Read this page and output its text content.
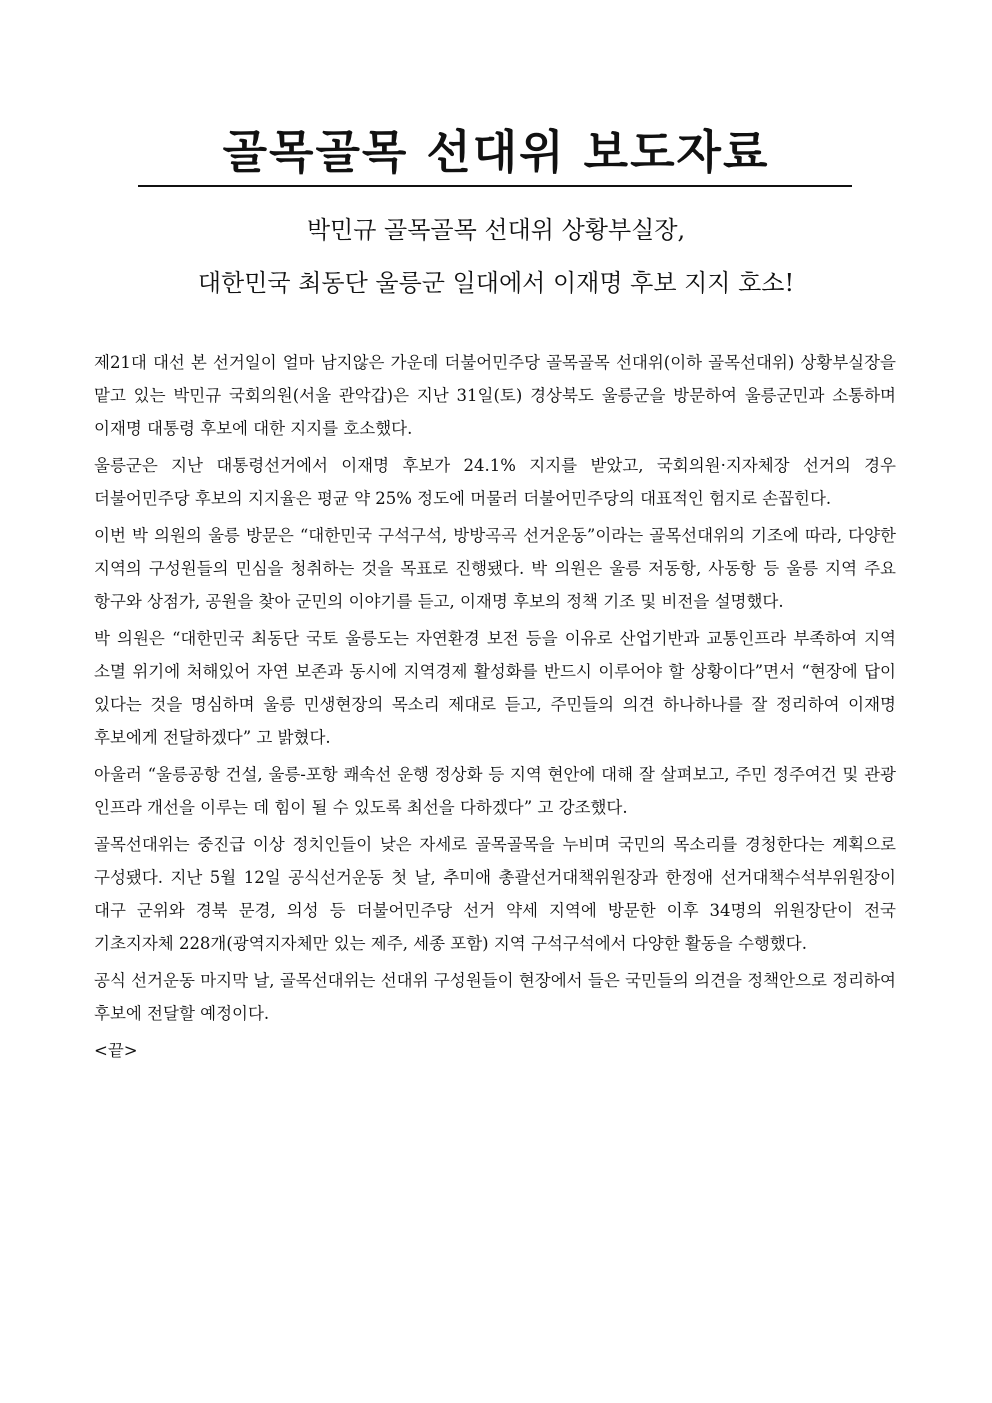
골목골목 선대위 보도자료

박민규 골목골목 선대위 상황부실장,

대한민국 최동단 울릉군 일대에서 이재명 후보 지지 호소!

제21대 대선 본 선거일이 얼마 남지않은 가운데 더불어민주당 골목골목 선대위(이하 골목선대위) 상황부실장을 맡고 있는 박민규 국회의원(서울 관악갑)은 지난 31일(토) 경상북도 울릉군을 방문하여 울릉군민과 소통하며 이재명 대통령 후보에 대한 지지를 호소했다.

울릉군은 지난 대통령선거에서 이재명 후보가 24.1% 지지를 받았고, 국회의원·지자체장 선거의 경우 더불어민주당 후보의 지지율은 평균 약 25% 정도에 머물러 더불어민주당의 대표적인 험지로 손꼽힌다.

이번 박 의원의 울릉 방문은 “대한민국 구석구석, 방방곡곡 선거운동”이라는 골목선대위의 기조에 따라, 다양한 지역의 구성원들의 민심을 청취하는 것을 목표로 진행됐다. 박 의원은 울릉 저동항, 사동항 등 울릉 지역 주요 항구와 상점가, 공원을 찾아 군민의 이야기를 듣고, 이재명 후보의 정책 기조 및 비전을 설명했다.

박 의원은 “대한민국 최동단 국토 울릉도는 자연환경 보전 등을 이유로 산업기반과 교통인프라 부족하여 지역 소멸 위기에 처해있어 자연 보존과 동시에 지역경제 활성화를 반드시 이루어야 할 상황이다”면서 “현장에 답이 있다는 것을 명심하며 울릉 민생현장의 목소리 제대로 듣고, 주민들의 의견 하나하나를 잘 정리하여 이재명 후보에게 전달하겠다” 고 밝혔다.

아울러 “울릉공항 건설, 울릉-포항 쾌속선 운행 정상화 등 지역 현안에 대해 잘 살펴보고, 주민 정주여건 및 관광 인프라 개선을 이루는 데 힘이 될 수 있도록 최선을 다하겠다” 고 강조했다.

골목선대위는 중진급 이상 정치인들이 낮은 자세로 골목골목을 누비며 국민의 목소리를 경청한다는 계획으로 구성됐다. 지난 5월 12일 공식선거운동 첫 날, 추미애 총괄선거대책위원장과 한정애 선거대책수석부위원장이 대구 군위와 경북 문경, 의성 등 더불어민주당 선거 약세 지역에 방문한 이후 34명의 위원장단이 전국 기초지자체 228개(광역지자체만 있는 제주, 세종 포함) 지역 구석구석에서 다양한 활동을 수행했다.

공식 선거운동 마지막 날, 골목선대위는 선대위 구성원들이 현장에서 들은 국민들의 의견을 정책안으로 정리하여 후보에 전달할 예정이다.

<끝>
